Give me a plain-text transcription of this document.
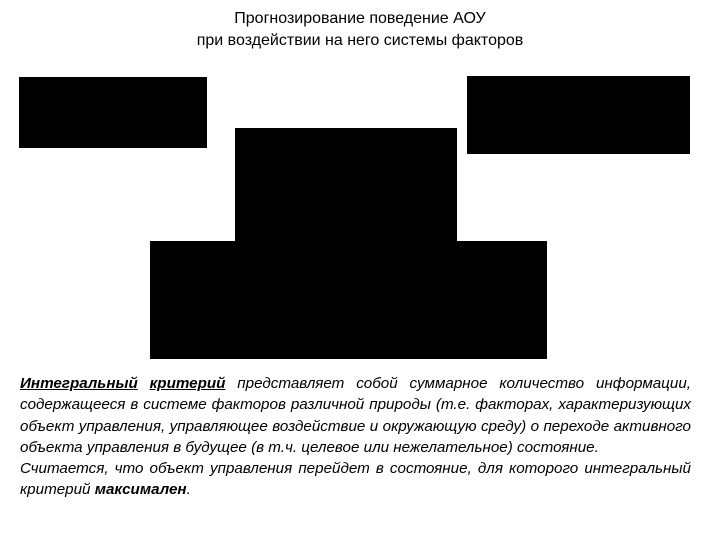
Прогнозирование поведение АОУ
при воздействии на него системы факторов

Интегральный критерий представляет собой суммарное количество информации, содержащееся в системе факторов различной природы (т.е. факторах, характеризующих объект управления, управляющее воздействие и окружающую среду) о переходе активного объекта управления в будущее (в т.ч. целевое или нежелательное) состояние.

Считается, что объект управления перейдет в состояние, для которого интегральный критерий максимален.
